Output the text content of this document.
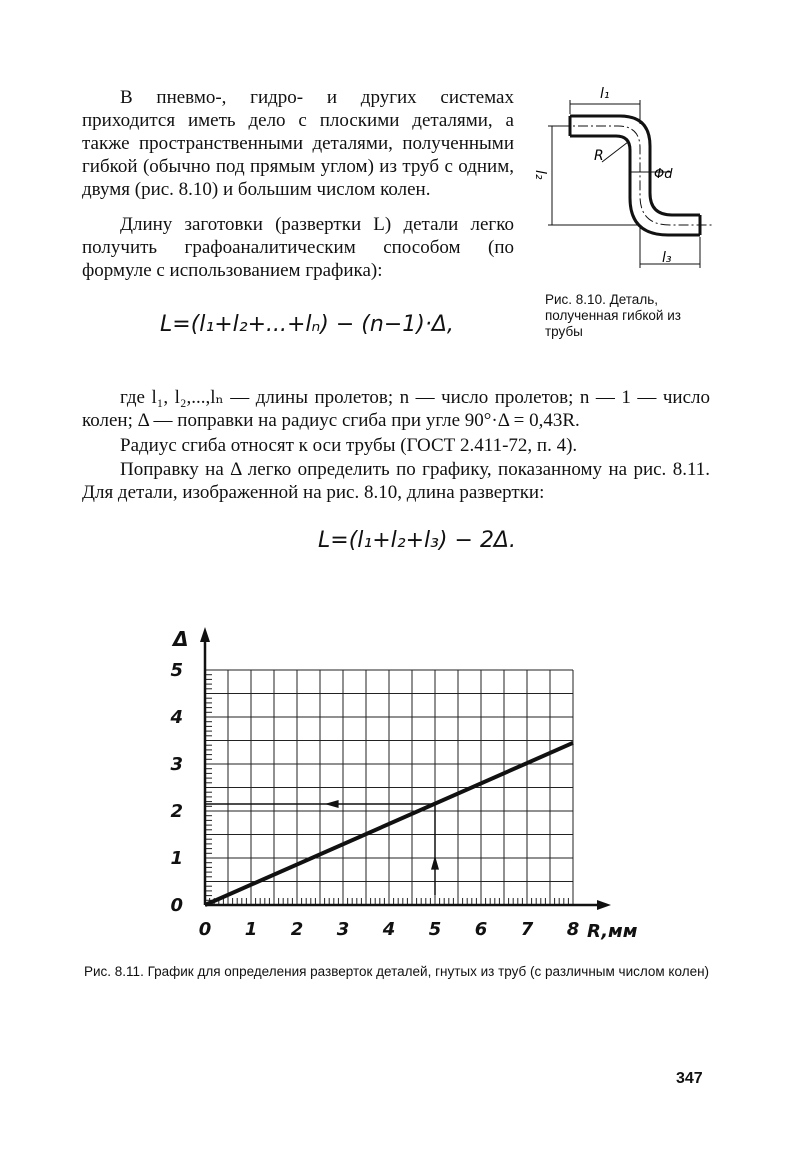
В пневмо-, гидро- и других системах приходится иметь дело с плоскими деталями, а также пространственными деталями, полученными гибкой (обычно под прямым углом) из труб с одним, двумя (рис. 8.10) и большим числом колен.
l₁
l₂
l₃
R
Φd
Длину заготовки (развертки L) детали легко получить графоаналитическим способом (по формуле с использованием графика):
Рис. 8.10. Деталь, полученная гибкой из трубы
L=(l₁+l₂+...+lₙ) − (n−1)·Δ,
где l₁, l₂,...,lₙ — длины пролетов; n — число пролетов; n — 1 — число колен; Δ — поправки на радиус сгиба при угле 90°·Δ = 0,43R.
Радиус сгиба относят к оси трубы (ГОСТ 2.411-72, п. 4).
Поправку на Δ легко определить по графику, показанному на рис. 8.11. Для детали, изображенной на рис. 8.10, длина развертки:
L=(l₁+l₂+l₃) − 2Δ.
0 1 2 3 4 5 6 7 8
0
1
2
3
4
5
R,мм
Δ
Рис. 8.11. График для определения разверток деталей, гнутых из труб (с различным числом колен)
347
